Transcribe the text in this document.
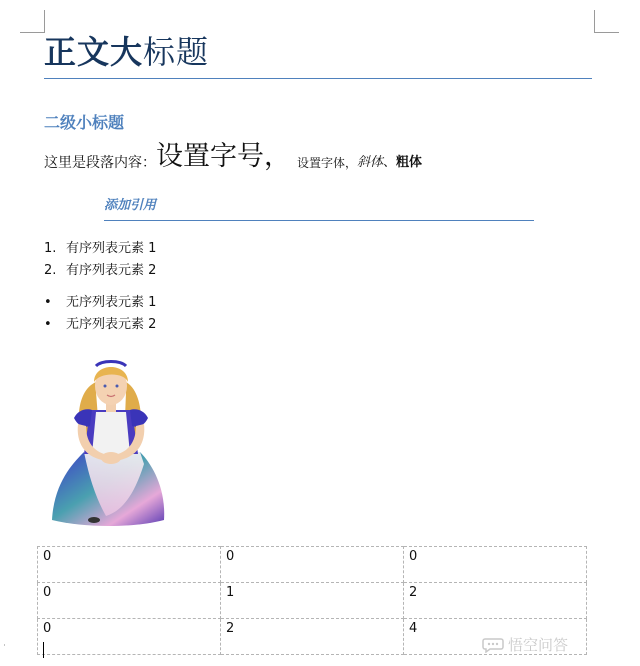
正文大标题
二级小标题
这里是段落内容： 设置字号， 设置字体， 斜体 、 粗体
添加引用
1. 有序列表元素 1
2. 有序列表元素 2
• 无序列表元素 1
• 无序列表元素 2
0	0	0
0	1	2
0	2	4
˙	悟空问答
